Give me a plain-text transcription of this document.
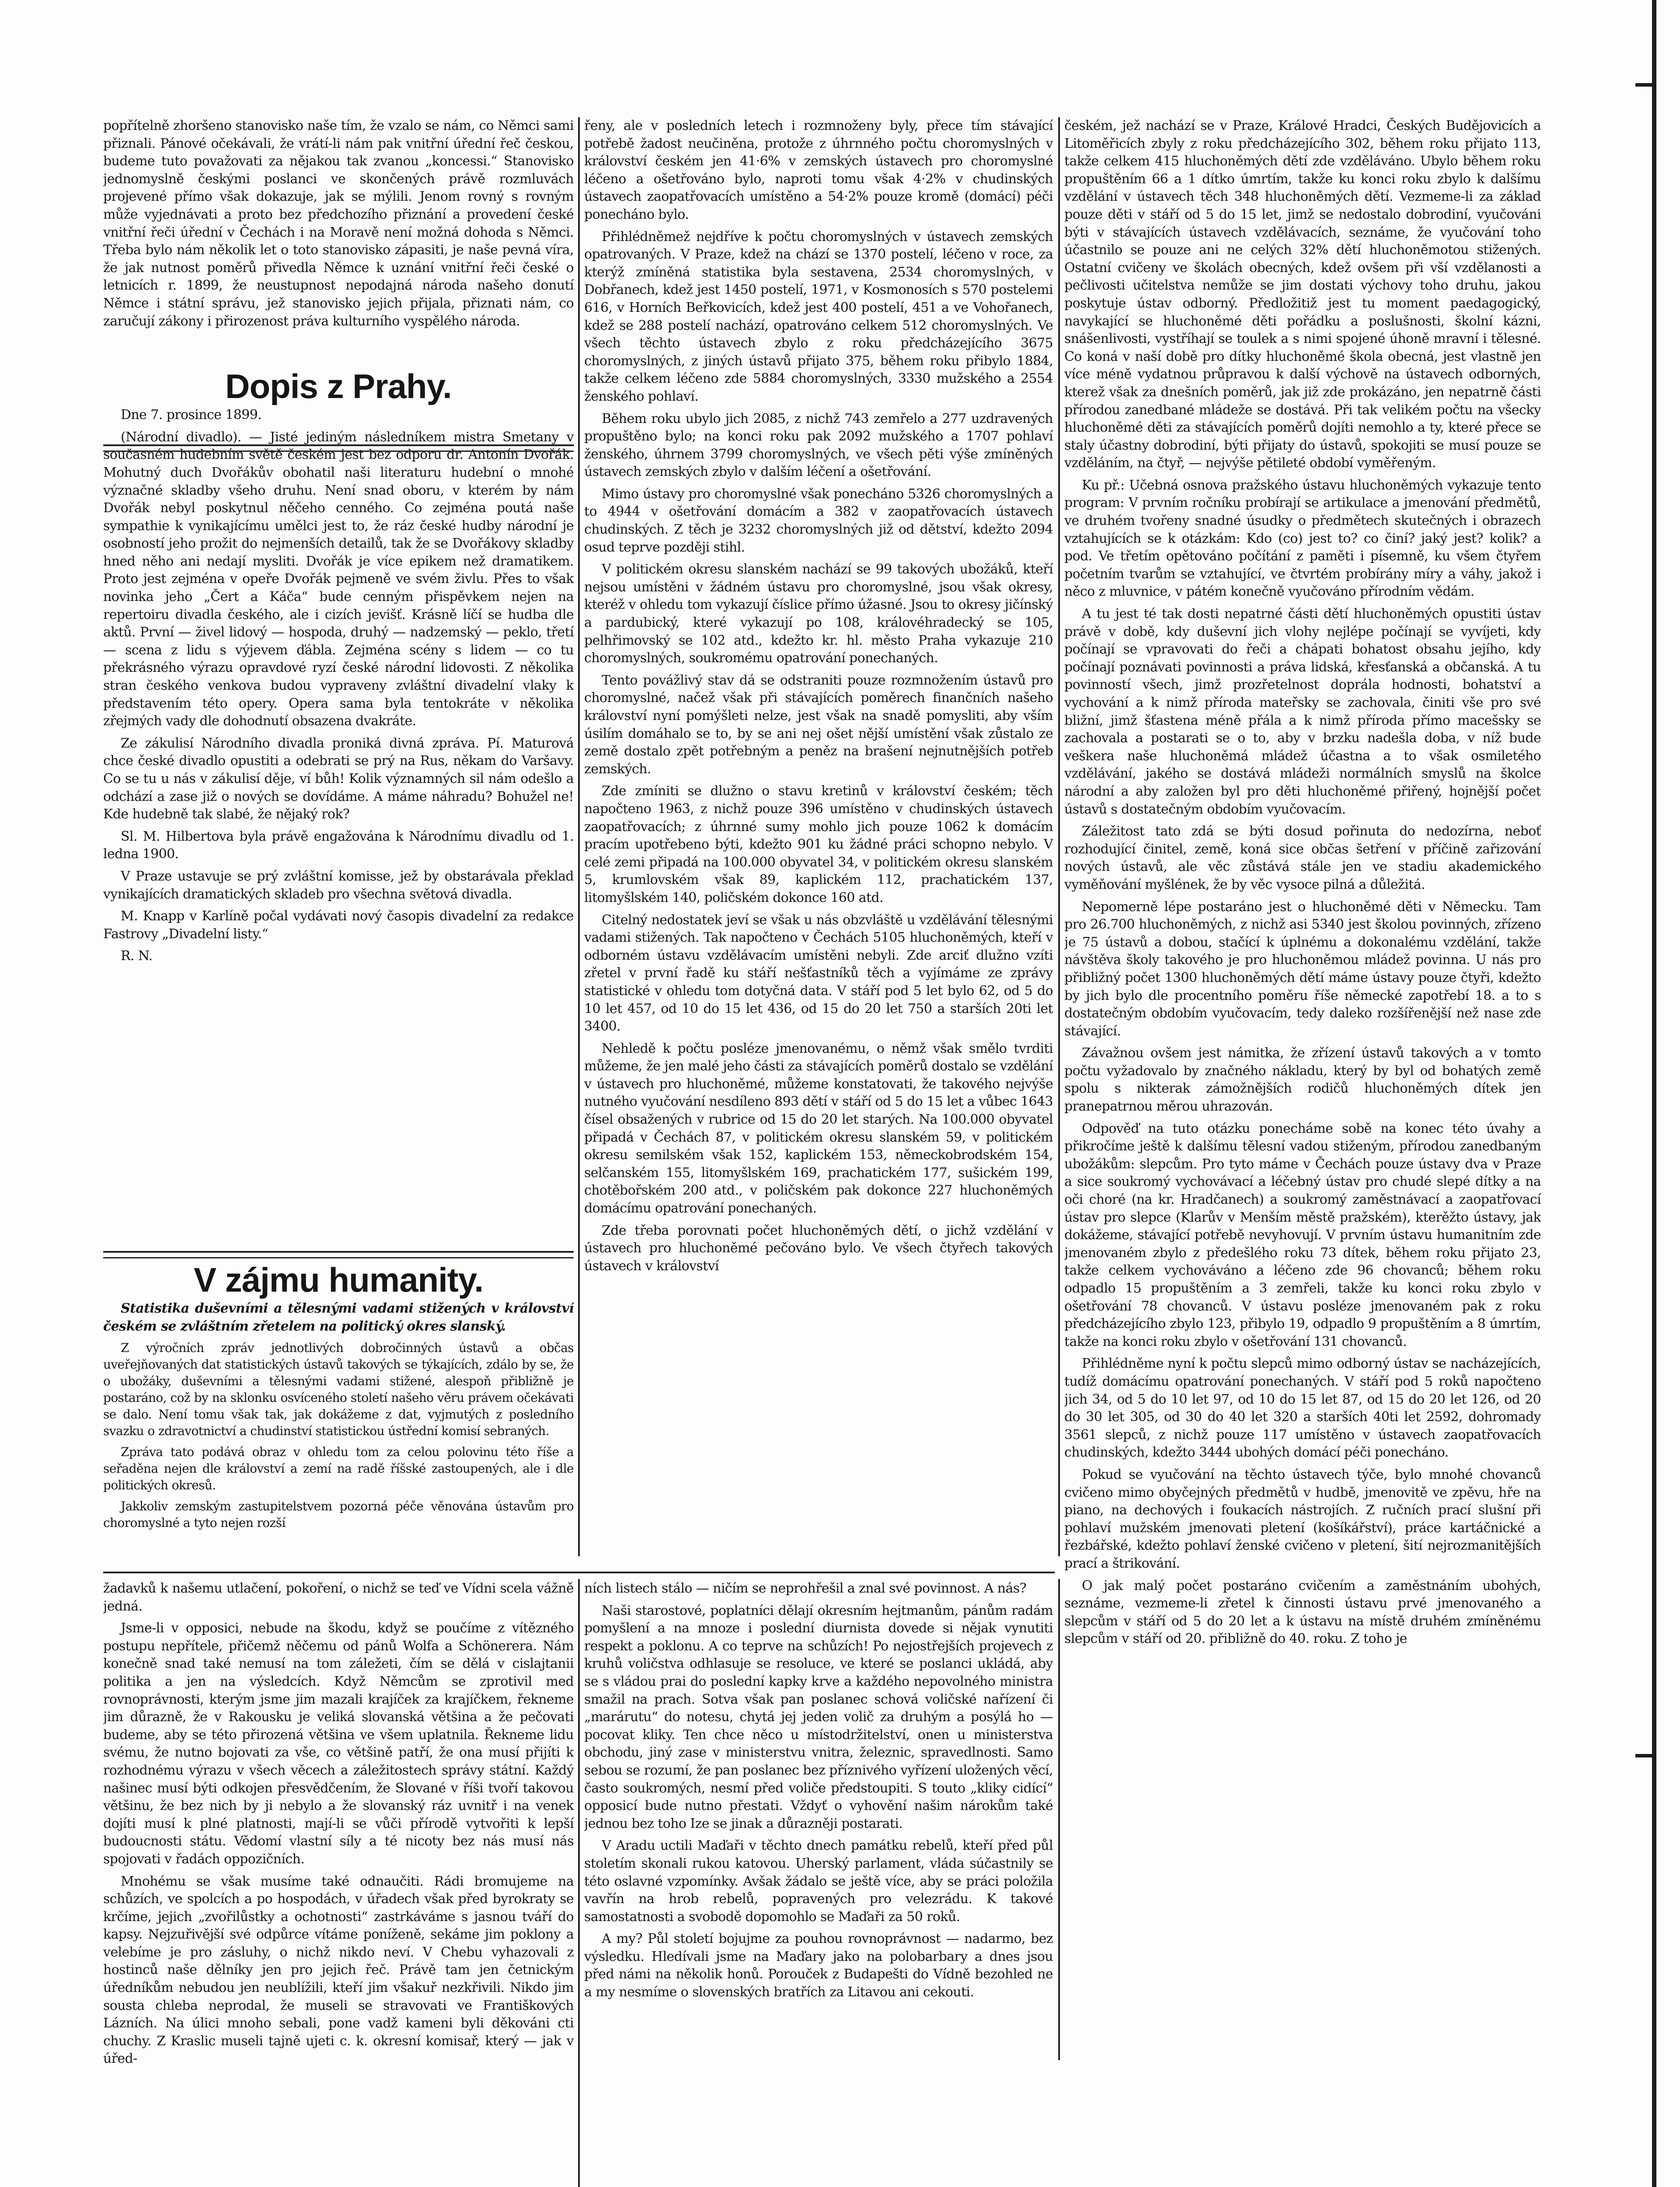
popřítelně zhoršeno stanovisko naše tím, že vzalo se nám, co Němci sami přiznali. Pánové očekávali, že vrátí-li nám pak vnitřní úřední řeč českou, budeme tuto považovati za nějakou tak zvanou „koncessi.“ Stanovisko jednomyslně českými poslanci ve skončených právě rozmluvách projevené přímo však dokazuje, jak se mýlili. Jenom rovný s rovným může vyjednávati a proto bez předchozího přiznání a provedení české vnitřní řeči úřední v Čechách i na Moravě není možná dohoda s Němci. Třeba bylo nám několik let o toto stanovisko zápasiti, je naše pevná víra, že jak nutnost poměrů přivedla Němce k uznání vnitřní řeči české o letnicích r. 1899, že neustupnost nepodajná národa našeho donutí Němce i státní správu, jež stanovisko jejich přijala, přiznati nám, co zaručují zákony i přirozenost práva kulturního vyspělého národa.

Dopis z Prahy.

Dne 7. prosince 1899.

(Národní divadlo). — Jisté jediným následníkem mistra Smetany v současném hudebním světě českém jest bez odporu dr. Antonín Dvořák. Mohutný duch Dvořákův obohatil naši literaturu hudební o mnohé význačné skladby všeho druhu. Není snad oboru, v kterém by nám Dvořák nebyl poskytnul něčeho cenného. Co zejména poutá naše sympathie k vynikajícímu umělci jest to, že ráz české hudby národní je osobností jeho prožit do nejmenších detailů, tak že se Dvořákovy skladby hned něho ani nedají mysliti. Dvořák je více epikem než dramatikem. Proto jest zejména v opeře Dvořák pejmeně ve svém živlu. Přes to však novinka jeho „Čert a Káča“ bude cenným přispěvkem nejen na repertoiru divadla českého, ale i cizích jevišť. Krásně líčí se hudba dle aktů. První — živel lidový — hospoda, druhý — nadzemský — peklo, třetí — scena z lidu s výjevem ďábla. Zejména scény s lidem — co tu překrásného výrazu opravdové ryzí české národní lidovosti. Z několika stran českého venkova budou vypraveny zvláštní divadelní vlaky k představením této opery. Opera sama byla tentokráte v několika zřejmých vady dle dohodnutí obsazena dvakráte.

Ze zákulisí Národního divadla proniká divná zpráva. Pí. Maturová chce české divadlo opustiti a odebrati se prý na Rus, někam do Varšavy. Co se tu u nás v zákulisí děje, ví bůh! Kolik významných sil nám odešlo a odchází a zase již o nových se dovídáme. A máme náhradu? Bohužel ne! Kde hudebně tak slabé, že nějaký rok?

Sl. M. Hilbertova byla právě engažována k Národnímu divadlu od 1. ledna 1900.

V Praze ustavuje se prý zvláštní komisse, jež by obstarávala překlad vynikajících dramatických skladeb pro všechna světová divadla.

M. Knapp v Karlíně počal vydávati nový časopis divadelní za redakce Fastrovy „Divadelní listy.“

R. N.

V zájmu humanity.

Statistika duševními a tělesnými vadami stižených v království českém se zvláštním zřetelem na politický okres slanský.

Z výročních zpráv jednotlivých dobročinných ústavů a občas uveřejňovaných dat statistických ústavů takových se týkajících, zdálo by se, že o ubožáky, duševními a tělesnými vadami stižené, alespoň přibližně je postaráno, což by na sklonku osvíceného století našeho věru právem očekávati se dalo. Není tomu však tak, jak dokážeme z dat, vyjmutých z posledního svazku o zdravotnictví a chudinství statistickou ústřední komisí sebraných.

Zpráva tato podává obraz v ohledu tom za celou polovinu této říše a seřaděna nejen dle království a zemí na radě říšské zastoupených, ale i dle politických okresů.

Jakkoliv zemským zastupitelstvem pozorná péče věnována ústavům pro choromyslné a tyto nejen rozší

řeny, ale v posledních letech i rozmnoženy byly, přece tím stávající potřebě žadost neučiněna, protože z úhrnného počtu choromyslných v království českém jen 41·6% v zemských ústavech pro choromyslné léčeno a ošetřováno bylo, naproti tomu však 4·2% v chudinských ústavech zaopatřovacích umístěno a 54·2% pouze kromě (domácí) péči ponecháno bylo.

Přihlédněmež nejdříve k počtu choromyslných v ústavech zemských opatrovaných. V Praze, kdež na chází se 1370 postelí, léčeno v roce, za kterýž zmíněná statistika byla sestavena, 2534 choromyslných, v Dobřanech, kdež jest 1450 postelí, 1971, v Kosmonosích s 570 postelemi 616, v Horních Beřkovicích, kdež jest 400 postelí, 451 a ve Vohořanech, kdež se 288 postelí nachází, opatrováno celkem 512 choromyslných. Ve všech těchto ústavech zbylo z roku předcházejícího 3675 choromyslných, z jiných ústavů přijato 375, během roku přibylo 1884, takže celkem léčeno zde 5884 choromyslných, 3330 mužského a 2554 ženského pohlaví.

Během roku ubylo jich 2085, z nichž 743 zemřelo a 277 uzdravených propuštěno bylo; na konci roku pak 2092 mužského a 1707 pohlaví ženského, úhrnem 3799 choromyslných, ve všech pěti výše zmíněných ústavech zemských zbylo v dalším léčení a ošetřování.

Mimo ústavy pro choromyslné však ponecháno 5326 choromyslných a to 4944 v ošetřování domácím a 382 v zaopatřovacích ústavech chudinských. Z těch je 3232 choromyslných již od dětství, kdežto 2094 osud teprve později stihl.

V politickém okresu slanském nachází se 99 takových ubožáků, kteří nejsou umístěni v žádném ústavu pro choromyslné, jsou však okresy, kteréž v ohledu tom vykazují číslice přímo úžasné. Jsou to okresy jičínský a pardubický, které vykazují po 108, královéhradecký se 105, pelhřimovský se 102 atd., kdežto kr. hl. město Praha vykazuje 210 choromyslných, soukromému opatrování ponechaných.

Tento povážlivý stav dá se odstraniti pouze rozmnožením ústavů pro choromyslné, načež však při stávajících poměrech finančních našeho království nyní pomýšleti nelze, jest však na snadě pomysliti, aby vším úsilím domáhalo se to, by se ani nej ošet nější umístění však zůstalo ze země dostalo zpět potřebným a peněz na brašení nejnutnějších potřeb zemských.

Zde zmíniti se dlužno o stavu kretinů v království českém; těch napočteno 1963, z nichž pouze 396 umístěno v chudinských ústavech zaopatřovacích; z úhrnné sumy mohlo jich pouze 1062 k domácím pracím upotřebeno býti, kdežto 901 ku žádné práci schopno nebylo. V celé zemi připadá na 100.000 obyvatel 34, v politickém okresu slanském 5, krumlovském však 89, kaplickém 112, prachatickém 137, litomyšlském 140, poličském dokonce 160 atd.

Citelný nedostatek jeví se však u nás obzvláště u vzdělávání tělesnými vadami stižených. Tak napočteno v Čechách 5105 hluchoněmých, kteří v odborném ústavu vzdělávacím umístěni nebyli. Zde arciť dlužno vzíti zřetel v první řadě ku stáří nešťastníků těch a vyjímáme ze zprávy statistické v ohledu tom dotyčná data. V stáří pod 5 let bylo 62, od 5 do 10 let 457, od 10 do 15 let 436, od 15 do 20 let 750 a starších 20ti let 3400.

Nehledě k počtu posléze jmenovanému, o němž však smělo tvrditi můžeme, že jen malé jeho části za stávajících poměrů dostalo se vzdělání v ústavech pro hluchoněmé, můžeme konstatovati, že takového nejvýše nutného vyučování nesdíleno 893 dětí v stáří od 5 do 15 let a vůbec 1643 čísel obsažených v rubrice od 15 do 20 let starých. Na 100.000 obyvatel připadá v Čechách 87, v politickém okresu slanském 59, v politickém okresu semilském však 152, kaplickém 153, německobrodském 154, selčanském 155, litomyšlském 169, prachatickém 177, sušickém 199, chotěbořském 200 atd., v poličském pak dokonce 227 hluchoněmých domácímu opatrování ponechaných.

Zde třeba porovnati počet hluchoněmých dětí, o jichž vzdělání v ústavech pro hluchoněmé pečováno bylo. Ve všech čtyřech takových ústavech v království

českém, jež nachází se v Praze, Králové Hradci, Českých Budějovicích a Litoměřicích zbyly z roku předcházejícího 302, během roku přijato 113, takže celkem 415 hluchoněmých dětí zde vzděláváno. Ubylo během roku propuštěním 66 a 1 dítko úmrtím, takže ku konci roku zbylo k dalšímu vzdělání v ústavech těch 348 hluchoněmých dětí. Vezmeme-li za základ pouze děti v stáří od 5 do 15 let, jimž se nedostalo dobrodiní, vyučováni býti v stávajících ústavech vzdělávacích, seznáme, že vyučování toho účastnilo se pouze ani ne celých 32% dětí hluchoněmotou stižených. Ostatní cvičeny ve školách obecných, kdež ovšem při vší vzdělanosti a pečlivosti učitelstva nemůže se jim dostati výchovy toho druhu, jakou poskytuje ústav odborný. Předložitiž jest tu moment paedagogický, navykající se hluchoněmé děti pořádku a poslušnosti, školní kázni, snášenlivosti, vystříhají se toulek a s nimi spojené úhoně mravní i tělesné. Co koná v naší době pro dítky hluchoněmé škola obecná, jest vlastně jen více méně vydatnou průpravou k další výchově na ústavech odborných, kterež však za dnešních poměrů, jak již zde prokázáno, jen nepatrně části přírodou zanedbané mládeže se dostává. Při tak velikém počtu na všecky hluchoněmé děti za stávajících poměrů dojíti nemohlo a ty, které přece se staly účastny dobrodiní, býti přijaty do ústavů, spokojiti se musí pouze se vzděláním, na čtyř, — nejvýše pětileté období vyměřeným.

Ku př.: Učebná osnova pražského ústavu hluchoněmých vykazuje tento program: V prvním ročníku probírají se artikulace a jmenování předmětů, ve druhém tvořeny snadné úsudky o předmětech skutečných i obrazech vztahujících se k otázkám: Kdo (co) jest to? co činí? jaký jest? kolik? a pod. Ve třetím opětováno počítání z paměti i písemně, ku všem čtyřem početním tvarům se vztahující, ve čtvrtém probírány míry a váhy, jakož i něco z mluvnice, v pátém konečně vyučováno přírodním vědám.

A tu jest té tak dosti nepatrné části dětí hluchoněmých opustiti ústav právě v době, kdy duševní jich vlohy nejlépe počínají se vyvíjeti, kdy počínají se vpravovati do řeči a chápati bohatost obsahu jejího, kdy počínají poznávati povinnosti a práva lidská, křesťanská a občanská. A tu povinností všech, jimž prozřetelnost doprála hodnosti, bohatství a vychování a k nimž příroda mateřsky se zachovala, činiti vše pro své bližní, jimž šťastena méně přála a k nimž příroda přímo macešsky se zachovala a postarati se o to, aby v brzku nadešla doba, v níž bude veškera naše hluchoněmá mládež účastna a to však osmiletého vzdělávání, jakého se dostává mládeži normálních smyslů na školce národní a aby založen byl pro děti hluchoněmé přiřený, hojnější počet ústavů s dostatečným obdobím vyučovacím.

Záležitost tato zdá se býti dosud pořinuta do nedozírna, neboť rozhodující činitel, země, koná sice občas šetření v příčině zařizování nových ústavů, ale věc zůstává stále jen ve stadiu akademického vyměňování myšlének, že by věc vysoce pilná a důležitá.

Nepomerně lépe postaráno jest o hluchoněmé děti v Německu. Tam pro 26.700 hluchoněmých, z nichž asi 5340 jest školou povinných, zřízeno je 75 ústavů a dobou, stačící k úplnému a dokonalému vzdělání, takže návštěva školy takového je pro hluchoněmou mládež povinna. U nás pro přibližný počet 1300 hluchoněmých dětí máme ústavy pouze čtyři, kdežto by jich bylo dle procentního poměru říše německé zapotřebí 18. a to s dostatečným obdobím vyučovacím, tedy daleko rozšířenější než nase zde stávající.

Závažnou ovšem jest námitka, že zřízení ústavů takových a v tomto počtu vyžadovalo by značného nákladu, který by byl od bohatých země spolu s nikterak zámožnějších rodičů hluchoněmých dítek jen pranepatrnou měrou uhrazován.

Odpověď na tuto otázku ponecháme sobě na konec této úvahy a přikročíme ještě k dalšímu tělesní vadou stiženým, přírodou zanedbaným ubožákům: slepcům. Pro tyto máme v Čechách pouze ústavy dva v Praze a sice soukromý vychovávací a léčebný ústav pro chudé slepé dítky a na oči choré (na kr. Hradčanech) a soukromý zaměstnávací a zaopatřovací ústav pro slepce (Klarův v Menším městě pražském), kterěžto ústavy, jak dokážeme, stávající potřebě nevyhovují. V prvním ústavu humanitním zde jmenovaném zbylo z předešlého roku 73 dítek, během roku přijato 23, takže celkem vychováváno a léčeno zde 96 chovanců; během roku odpadlo 15 propuštěním a 3 zemřeli, takže ku konci roku zbylo v ošetřování 78 chovanců. V ústavu posléze jmenovaném pak z roku předcházejícího zbylo 123, přibylo 19, odpadlo 9 propuštěním a 8 úmrtím, takže na konci roku zbylo v ošetřování 131 chovanců.

Přihlédněme nyní k počtu slepců mimo odborný ústav se nacházejících, tudíž domácímu opatrování ponechaných. V stáří pod 5 roků napočteno jich 34, od 5 do 10 let 97, od 10 do 15 let 87, od 15 do 20 let 126, od 20 do 30 let 305, od 30 do 40 let 320 a starších 40ti let 2592, dohromady 3561 slepců, z nichž pouze 117 umístěno v ústavech zaopatřovacích chudinských, kdežto 3444 ubohých domácí péči ponecháno.

Pokud se vyučování na těchto ústavech týče, bylo mnohé chovanců cvičeno mimo obyčejných předmětů v hudbě, jmenovitě ve zpěvu, hře na piano, na dechových i foukacích nástrojích. Z ručních prací slušní při pohlaví mužském jmenovati pletení (košíkářství), práce kartáčnické a řezbářské, kdežto pohlaví ženské cvičeno v pletení, šití nejrozmanitějších prací a štrikování.

O jak malý počet postaráno cvičením a zaměstnáním ubohých, seznáme, vezmeme-li zřetel k činnosti ústavu prvé jmenovaného a slepcům v stáří od 5 do 20 let a k ústavu na místě druhém zmíněnému slepcům v stáří od 20. přibližně do 40. roku. Z toho je

žadavků k našemu utlačení, pokoření, o nichž se teď ve Vídni scela vážně jedná.

Jsme-li v opposici, nebude na škodu, když se poučíme z vítězného postupu nepřítele, přičemž něčemu od pánů Wolfa a Schönerera. Nám konečně snad také nemusí na tom záležeti, čím se dělá v cislajtanii politika a jen na výsledcích. Když Němcům se zprotivil med rovnoprávnosti, kterým jsme jim mazali krajíček za krajíčkem, řekneme jim důrazně, že v Rakousku je veliká slovanská většina a že pečovati budeme, aby se této přirozená většina ve všem uplatnila. Řekneme lidu svému, že nutno bojovati za vše, co většině patří, že ona musí přijíti k rozhodnému výrazu v všech věcech a záležitostech správy státní. Každý našinec musí býti odkojen přesvědčením, že Slované v říši tvoří takovou většinu, že bez nich by ji nebylo a že slovanský ráz uvnitř i na venek dojíti musí k plné platnosti, mají-li se vůči přírodě vytvořiti k lepší budoucnosti státu. Vědomí vlastní síly a té nicoty bez nás musí nás spojovati v řadách oppozičních.

Mnohému se však musíme také odnaučiti. Rádi bromujeme na schůzích, ve spolcích a po hospodách, v úřadech však před byrokraty se krčíme, jejich „zvořilůstky a ochotnosti“ zastrkáváme s jasnou tváří do kapsy. Nejzuřivější své odpůrce vítáme poníženě, sekáme jim poklony a velebíme je pro zásluhy, o nichž nikdo neví. V Chebu vyhazovali z hostinců naše dělníky jen pro jejich řeč. Právě tam jen četnickým úředníkům nebudou jen neublížili, kteří jim všakuř nezkřivili. Nikdo jim sousta chleba neprodal, že museli se stravovati ve Františkových Lázních. Na úlici mnoho sebali, pone vadž kameni byli děkováni cti chuchy. Z Kraslic museli tajně ujeti c. k. okresní komisař, který — jak v úřed-

ních listech stálo — ničím se neprohřešil a znal své povinnost. A nás?

Naši starostové, poplatníci dělají okresním hejtmanům, pánům radám pomyšlení a na mnoze i poslední diurnista dovede si nějak vynutiti respekt a poklonu. A co teprve na schůzích! Po nejostřejších projevech z kruhů voličstva odhlasuje se resoluce, ve které se poslanci ukládá, aby se s vládou prai do poslední kapky krve a každého nepovolného ministra smažil na prach. Sotva však pan poslanec schová voličské nařízení či „marárutu“ do notesu, chytá jej jeden volič za druhým a posýlá ho — pocovat kliky. Ten chce něco u místodržitelství, onen u ministerstva obchodu, jiný zase v ministerstvu vnitra, železnic, spravedlnosti. Samo sebou se rozumí, že pan poslanec bez příznivého vyřízení uložených věcí, často soukromých, nesmí před voliče předstoupiti. S touto „kliky cidící“ opposicí bude nutno přestati. Vždyť o vyhovění našim nárokům také jednou bez toho Ize se jinak a důrazněji postarati.

V Aradu uctili Maďaři v těchto dnech památku rebelů, kteří před půl stoletím skonali rukou katovou. Uherský parlament, vláda súčastnily se této oslavné vzpomínky. Avšak žádalo se ještě více, aby se práci položila vavřín na hrob rebelů, popravených pro velezrádu. K takové samostatnosti a svobodě dopomohlo se Maďaři za 50 roků.

A my? Půl století bojujme za pouhou rovnoprávnost — nadarmo, bez výsledku. Hledívali jsme na Maďary jako na polobarbary a dnes jsou před námi na několik honů. Porouček z Budapešti do Vídně bezohled ne a my nesmíme o slovenských bratřích za Litavou ani cekouti.
